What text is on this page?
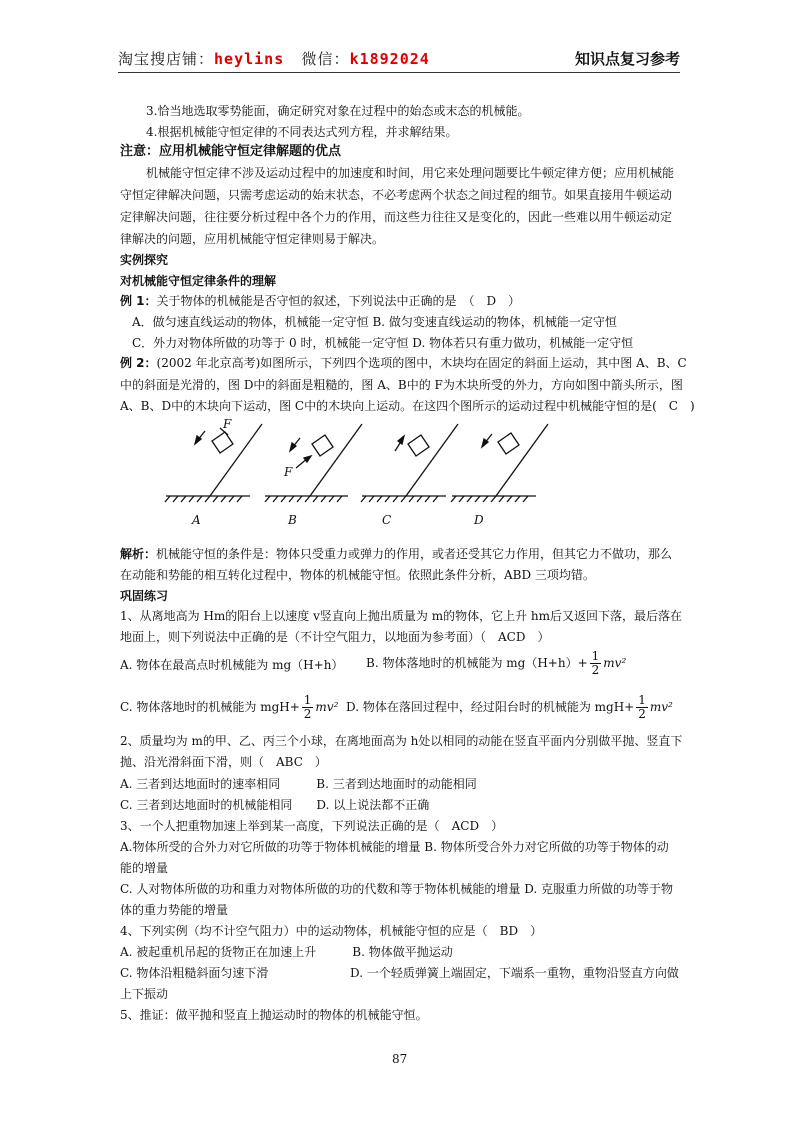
淘宝搜店铺：heylins 微信：k1892024	知识点复习参考
3.恰当地选取零势能面，确定研究对象在过程中的始态或末态的机械能。
4.根据机械能守恒定律的不同表达式列方程，并求解结果。
注意：应用机械能守恒定律解题的优点
机械能守恒定律不涉及运动过程中的加速度和时间，用它来处理问题要比牛顿定律方便；应用机械能
守恒定律解决问题，只需考虑运动的始末状态，不必考虑两个状态之间过程的细节。如果直接用牛顿运动
定律解决问题，往往要分析过程中各个力的作用，而这些力往往又是变化的，因此一些难以用牛顿运动定
律解决的问题，应用机械能守恒定律则易于解决。
实例探究
对机械能守恒定律条件的理解
例 1：关于物体的机械能是否守恒的叙述，下列说法中正确的是　（　D　）
A．做匀速直线运动的物体，机械能一定守恒 B. 做匀变速直线运动的物体，机械能一定守恒
C．外力对物体所做的功等于 0 时，机械能一定守恒 D. 物体若只有重力做功，机械能一定守恒
例 2：(2002 年北京高考)如图所示，下列四个选项的图中，木块均在固定的斜面上运动，其中图 A、B、C
中的斜面是光滑的，图 D中的斜面是粗糙的，图 A、B中的 F为木块所受的外力，方向如图中箭头所示，图
A、B、D中的木块向下运动，图 C中的木块向上运动。在这四个图所示的运动过程中机械能守恒的是(　C　)
F
F
A	B	C	D
解析：机械能守恒的条件是：物体只受重力或弹力的作用，或者还受其它力作用，但其它力不做功，那么
在动能和势能的相互转化过程中，物体的机械能守恒。依照此条件分析，ABD 三项均错。
巩固练习
1、从离地高为 Hm的阳台上以速度 v竖直向上抛出质量为 m的物体，它上升 hm后又返回下落，最后落在
地面上，则下列说法中正确的是（不计空气阻力，以地面为参考面）（　ACD　）
A. 物体在最高点时机械能为 mg（H+h） B. 物体落地时的机械能为 $mg(H+h)+ \frac{1}{2} mv^2$
C. 物体落地时的机械能为 $mgH+ \frac{1}{2} mv^2$ D. 物体在落回过程中，经过阳台时的机械能为 $mgH+ \frac{1}{2} mv^2$
2、质量均为 m的甲、乙、丙三个小球，在离地面高为 h处以相同的动能在竖直平面内分别做平抛、竖直下
抛、沿光滑斜面下滑，则（　ABC　）
A. 三者到达地面时的速率相同　　　B. 三者到达地面时的动能相同
C. 三者到达地面时的机械能相同　　D. 以上说法都不正确
3、一个人把重物加速上举到某一高度，下列说法正确的是（　ACD　）
A.物体所受的合外力对它所做的功等于物体机械能的增量 B. 物体所受合外力对它所做的功等于物体的动
能的增量
C. 人对物体所做的功和重力对物体所做的功的代数和等于物体机械能的增量 D. 克服重力所做的功等于物
体的重力势能的增量
4、下列实例（均不计空气阻力）中的运动物体，机械能守恒的应是（　BD　）
A. 被起重机吊起的货物正在加速上升　　　B. 物体做平抛运动
C. 物体沿粗糙斜面匀速下滑	D. 一个轻质弹簧上端固定，下端系一重物，重物沿竖直方向做
上下振动
5、推证：做平抛和竖直上抛运动时的物体的机械能守恒。
87
